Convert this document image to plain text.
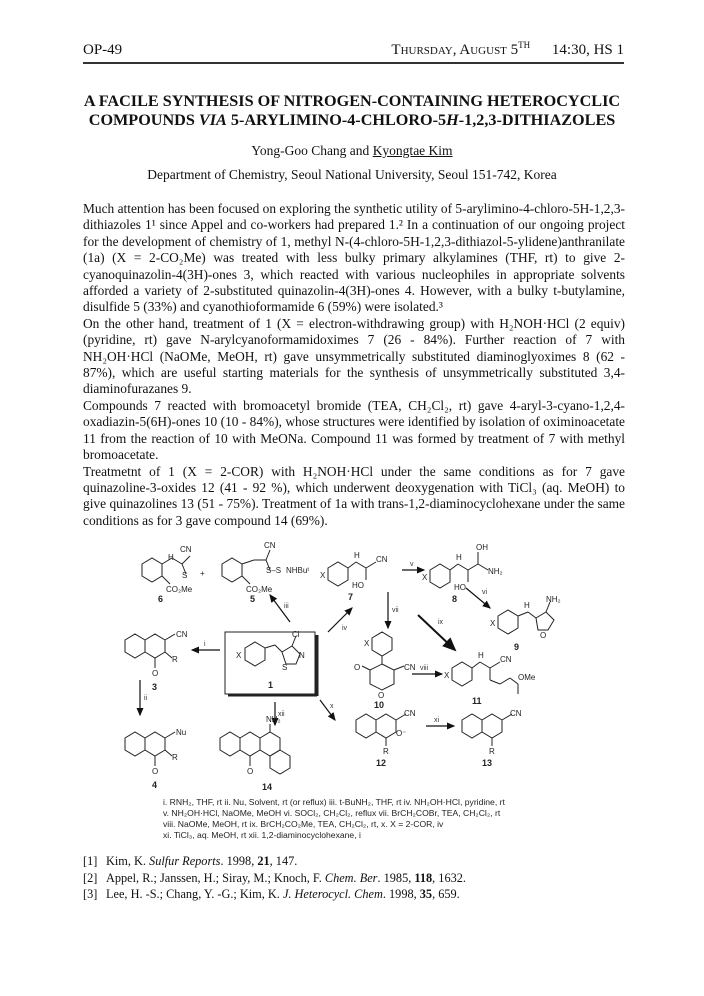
OP-49	Thursday, August 5TH 14:30, HS 1
A FACILE SYNTHESIS OF NITROGEN-CONTAINING HETEROCYCLIC
COMPOUNDS VIA 5-ARYLIMINO-4-CHLORO-5H-1,2,3-DITHIAZOLES
Yong-Goo Chang and Kyongtae Kim
Department of Chemistry, Seoul National University, Seoul 151-742, Korea

Much attention has been focused on exploring the synthetic utility of 5-arylimino-4-chloro-5H-1,2,3-dithiazoles 1¹ since Appel and co-workers had prepared 1.² In a continuation of our ongoing project for the development of chemistry of 1, methyl N-(4-chloro-5H-1,2,3-dithiazol-5-ylidene)anthranilate (1a) (X = 2-CO₂Me) was treated with less bulky primary alkylamines (THF, rt) to give 2-cyanoquinazolin-4(3H)-ones 3, which reacted with various nucleophiles in appropriate solvents afforded a variety of 2-substituted quinazolin-4(3H)-ones 4. However, with a bulky t-butylamine, disulfide 5 (33%) and cyanothioformamide 6 (59%) were isolated.³

On the other hand, treatment of 1 (X = electron-withdrawing group) with H₂NOH·HCl (2 equiv) (pyridine, rt) gave N-arylcyanoformamidoximes 7 (26 - 84%). Further reaction of 7 with NH₂OH·HCl (NaOMe, MeOH, rt) gave unsymmetrically substituted diaminoglyoximes 8 (62 - 87%), which are useful starting materials for the synthesis of unsymmetrically substituted 3,4-diaminofurazanes 9.

Compounds 7 reacted with bromoacetyl bromide (TEA, CH₂Cl₂, rt) gave 4-aryl-3-cyano-1,2,4-oxadiazin-5(6H)-ones 10 (10 - 84%), whose structures were identified by isolation of oximinoacetate 11 from the reaction of 10 with MeONa. Compound 11 was formed by treatment of 7 with methyl bromoacetate.

Treatmetnt of 1 (X = 2-COR) with H₂NOH·HCl under the same conditions as for 7 gave quinazoline-3-oxides 12 (41 - 92 %), which underwent deoxygenation with TiCl₃ (aq. MeOH) to give quinazolines 13 (51 - 75%). Treatment of 1a with trans-1,2-diaminocyclohexane under the same conditions as for 3 gave compound 14 (69%).

CN
H
S
CO₂Me
+
CN
S–S NHBuᵗ
CO₂Me
X
Cl
N
S
CN
R
O
Nu
R
O
NH₂
O
X
H CN
HO
X
H
OH
NH₂
HO
X
H
NH₂
O
X
CN
O
O
X
H CN
OMe
CN
O⁻
R
CN
R
iii
i
iv
ii
xii
x
vii
v
ix
vi
viii
xi
1
3
4
5
6	7	8
9
10	11
12	13
14
i. RNH₂, THF, rt ii. Nu, Solvent, rt (or reflux) iii. t-BuNH₂, THF, rt iv. NH₂OH·HCl, pyridine, rt
v. NH₂OH·HCl, NaOMe, MeOH vi. SOCl₂, CH₂Cl₂, reflux vii. BrCH₂COBr, TEA, CH₂Cl₂, rt
viii. NaOMe, MeOH, rt ix. BrCH₂CO₂Me, TEA, CH₂Cl₂, rt, x. X = 2-COR, iv
xi. TiCl₃, aq. MeOH, rt xii. 1,2-diaminocyclohexane, i
[1] Kim, K. Sulfur Reports. 1998, 21, 147.
[2] Appel, R.; Janssen, H.; Siray, M.; Knoch, F. Chem. Ber. 1985, 118, 1632.
[3] Lee, H. -S.; Chang, Y. -G.; Kim, K. J. Heterocycl. Chem. 1998, 35, 659.
